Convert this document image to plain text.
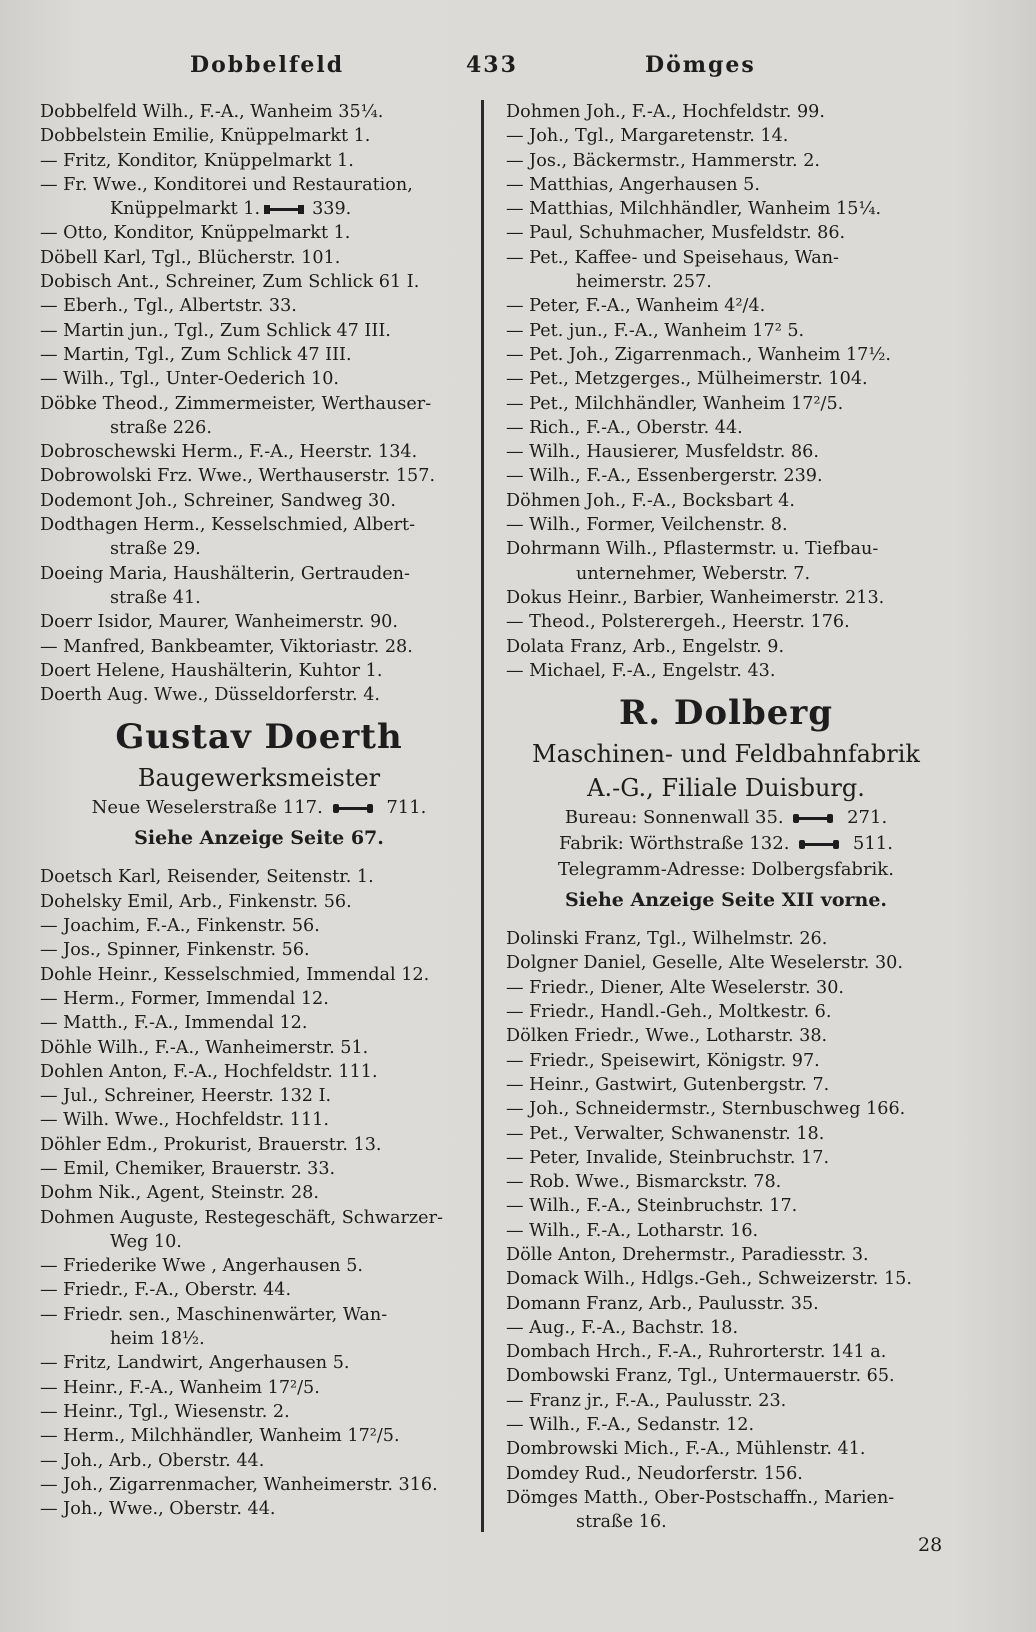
Dobbelfeld	433	Dömges
Dobbelfeld Wilh., F.-A., Wanheim 35¼.
Dobbelstein Emilie, Knüppelmarkt 1.
— Fritz, Konditor, Knüppelmarkt 1.
— Fr. Wwe., Konditorei und Restauration,
Knüppelmarkt 1.	339.
— Otto, Konditor, Knüppelmarkt 1.
Döbell Karl, Tgl., Blücherstr. 101.
Dobisch Ant., Schreiner, Zum Schlick 61 I.
— Eberh., Tgl., Albertstr. 33.
— Martin jun., Tgl., Zum Schlick 47 III.
— Martin, Tgl., Zum Schlick 47 III.
— Wilh., Tgl., Unter-Oederich 10.
Döbke Theod., Zimmermeister, Werthauser-
straße 226.
Dobroschewski Herm., F.-A., Heerstr. 134.
Dobrowolski Frz. Wwe., Werthauserstr. 157.
Dodemont Joh., Schreiner, Sandweg 30.
Dodthagen Herm., Kesselschmied, Albert-
straße 29.
Doeing Maria, Haushälterin, Gertrauden-
straße 41.
Doerr Isidor, Maurer, Wanheimerstr. 90.
— Manfred, Bankbeamter, Viktoriastr. 28.
Doert Helene, Haushälterin, Kuhtor 1.
Doerth Aug. Wwe., Düsseldorferstr. 4.
Gustav Doerth
Baugewerksmeister
Neue Weselerstraße 117.	711.
Siehe Anzeige Seite 67.
Doetsch Karl, Reisender, Seitenstr. 1.
Dohelsky Emil, Arb., Finkenstr. 56.
— Joachim, F.-A., Finkenstr. 56.
— Jos., Spinner, Finkenstr. 56.
Dohle Heinr., Kesselschmied, Immendal 12.
— Herm., Former, Immendal 12.
— Matth., F.-A., Immendal 12.
Döhle Wilh., F.-A., Wanheimerstr. 51.
Dohlen Anton, F.-A., Hochfeldstr. 111.
— Jul., Schreiner, Heerstr. 132 I.
— Wilh. Wwe., Hochfeldstr. 111.
Döhler Edm., Prokurist, Brauerstr. 13.
— Emil, Chemiker, Brauerstr. 33.
Dohm Nik., Agent, Steinstr. 28.
Dohmen Auguste, Restegeschäft, Schwarzer-
Weg 10.
— Friederike Wwe , Angerhausen 5.
— Friedr., F.-A., Oberstr. 44.
— Friedr. sen., Maschinenwärter, Wan-
heim 18½.
— Fritz, Landwirt, Angerhausen 5.
— Heinr., F.-A., Wanheim 17²/5.
— Heinr., Tgl., Wiesenstr. 2.
— Herm., Milchhändler, Wanheim 17²/5.
— Joh., Arb., Oberstr. 44.
— Joh., Zigarrenmacher, Wanheimerstr. 316.
— Joh., Wwe., Oberstr. 44.
Dohmen Joh., F.-A., Hochfeldstr. 99.
— Joh., Tgl., Margaretenstr. 14.
— Jos., Bäckermstr., Hammerstr. 2.
— Matthias, Angerhausen 5.
— Matthias, Milchhändler, Wanheim 15¼.
— Paul, Schuhmacher, Musfeldstr. 86.
— Pet., Kaffee- und Speisehaus, Wan-
heimerstr. 257.
— Peter, F.-A., Wanheim 4²/4.
— Pet. jun., F.-A., Wanheim 17² 5.
— Pet. Joh., Zigarrenmach., Wanheim 17½.
— Pet., Metzgerges., Mülheimerstr. 104.
— Pet., Milchhändler, Wanheim 17²/5.
— Rich., F.-A., Oberstr. 44.
— Wilh., Hausierer, Musfeldstr. 86.
— Wilh., F.-A., Essenbergerstr. 239.
Döhmen Joh., F.-A., Bocksbart 4.
— Wilh., Former, Veilchenstr. 8.
Dohrmann Wilh., Pflastermstr. u. Tiefbau-
unternehmer, Weberstr. 7.
Dokus Heinr., Barbier, Wanheimerstr. 213.
— Theod., Polsterergeh., Heerstr. 176.
Dolata Franz, Arb., Engelstr. 9.
— Michael, F.-A., Engelstr. 43.
R. Dolberg
Maschinen- und Feldbahnfabrik
A.-G., Filiale Duisburg.
Bureau: Sonnenwall 35.	271.
Fabrik: Wörthstraße 132.	511.
Telegramm-Adresse: Dolbergsfabrik.
Siehe Anzeige Seite XII vorne.
Dolinski Franz, Tgl., Wilhelmstr. 26.
Dolgner Daniel, Geselle, Alte Weselerstr. 30.
— Friedr., Diener, Alte Weselerstr. 30.
— Friedr., Handl.-Geh., Moltkestr. 6.
Dölken Friedr., Wwe., Lotharstr. 38.
— Friedr., Speisewirt, Königstr. 97.
— Heinr., Gastwirt, Gutenbergstr. 7.
— Joh., Schneidermstr., Sternbuschweg 166.
— Pet., Verwalter, Schwanenstr. 18.
— Peter, Invalide, Steinbruchstr. 17.
— Rob. Wwe., Bismarckstr. 78.
— Wilh., F.-A., Steinbruchstr. 17.
— Wilh., F.-A., Lotharstr. 16.
Dölle Anton, Drehermstr., Paradiesstr. 3.
Domack Wilh., Hdlgs.-Geh., Schweizerstr. 15.
Domann Franz, Arb., Paulusstr. 35.
— Aug., F.-A., Bachstr. 18.
Dombach Hrch., F.-A., Ruhrorterstr. 141 a.
Dombowski Franz, Tgl., Untermauerstr. 65.
— Franz jr., F.-A., Paulusstr. 23.
— Wilh., F.-A., Sedanstr. 12.
Dombrowski Mich., F.-A., Mühlenstr. 41.
Domdey Rud., Neudorferstr. 156.
Dömges Matth., Ober-Postschaffn., Marien-
straße 16.
28
